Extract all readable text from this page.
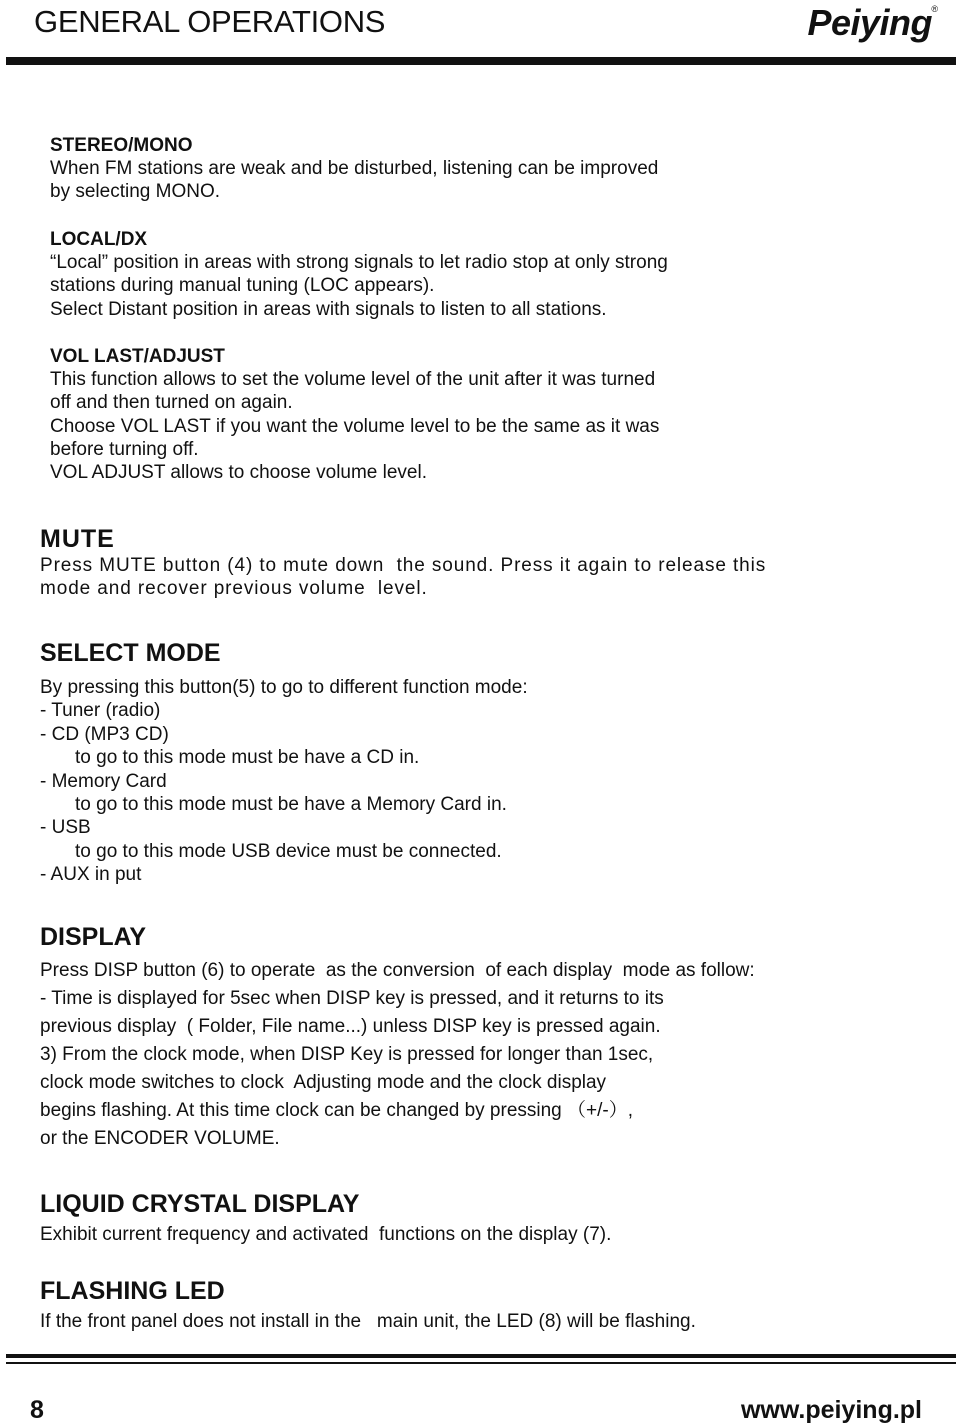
GENERAL OPERATIONS	Peiying ®

STEREO/MONO

When FM stations are weak and be disturbed, listening can be improved

by selecting MONO.

LOCAL/DX

“Local” position in areas with strong signals to let radio stop at only strong

stations during manual tuning (LOC appears).

Select Distant position in areas with signals to listen to all stations.

VOL LAST/ADJUST

This function allows to set the volume level of the unit after it was turned

off and then turned on again.

Choose VOL LAST if you want the volume level to be the same as it was

before turning off.

VOL ADJUST allows to choose volume level.

MUTE

Press MUTE button (4) to mute down  the sound. Press it again to release this

mode and recover previous volume  level.

SELECT MODE

By pressing this button(5) to go to different function mode:

- Tuner (radio)

- CD (MP3 CD)

to go to this mode must be have a CD in.

- Memory Card

to go to this mode must be have a Memory Card in.

- USB

to go to this mode USB device must be connected.

- AUX in put

DISPLAY

Press DISP button (6) to operate  as the conversion  of each display  mode as follow:

- Time is displayed for 5sec when DISP key is pressed, and it returns to its

previous display  ( Folder, File name...) unless DISP key is pressed again.

3) From the clock mode, when DISP Key is pressed for longer than 1sec,

clock mode switches to clock  Adjusting mode and the clock display

begins flashing. At this time clock can be changed by pressing （+/-）,

or the ENCODER VOLUME.

LIQUID CRYSTAL DISPLAY

Exhibit current frequency and activated  functions on the display (7).

FLASHING LED

If the front panel does not install in the   main unit, the LED (8) will be flashing.

8	www.peiying.pl
